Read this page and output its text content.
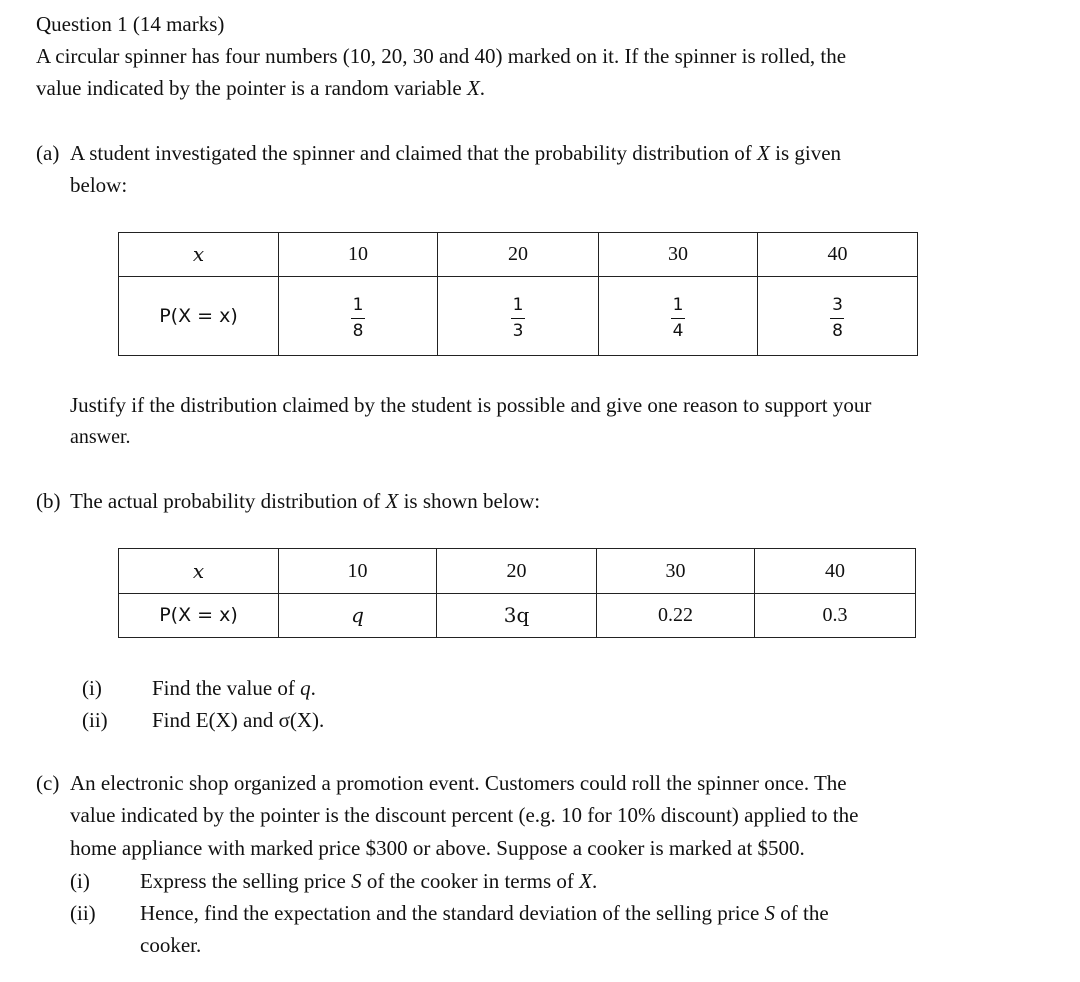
Question 1 (14 marks)
A circular spinner has four numbers (10, 20, 30 and 40) marked on it. If the spinner is rolled, the
value indicated by the pointer is a random variable X.
(a) A student investigated the spinner and claimed that the probability distribution of X is given
below:
x	10	20	30	40
P(X = x)	$\frac{1}{8}$	$\frac{1}{3}$	$\frac{1}{4}$	$\frac{3}{8}$
Justify if the distribution claimed by the student is possible and give one reason to support your
answer.
(b) The actual probability distribution of X is shown below:
x	10	20	30	40
P(X = x)	q	3q	0.22	0.3
(i) Find the value of q.
(ii) Find E(X) and σ(X).
(c) An electronic shop organized a promotion event. Customers could roll the spinner once. The
value indicated by the pointer is the discount percent (e.g. 10 for 10% discount) applied to the
home appliance with marked price $300 or above. Suppose a cooker is marked at $500.
(i) Express the selling price S of the cooker in terms of X.
(ii) Hence, find the expectation and the standard deviation of the selling price S of the
cooker.
